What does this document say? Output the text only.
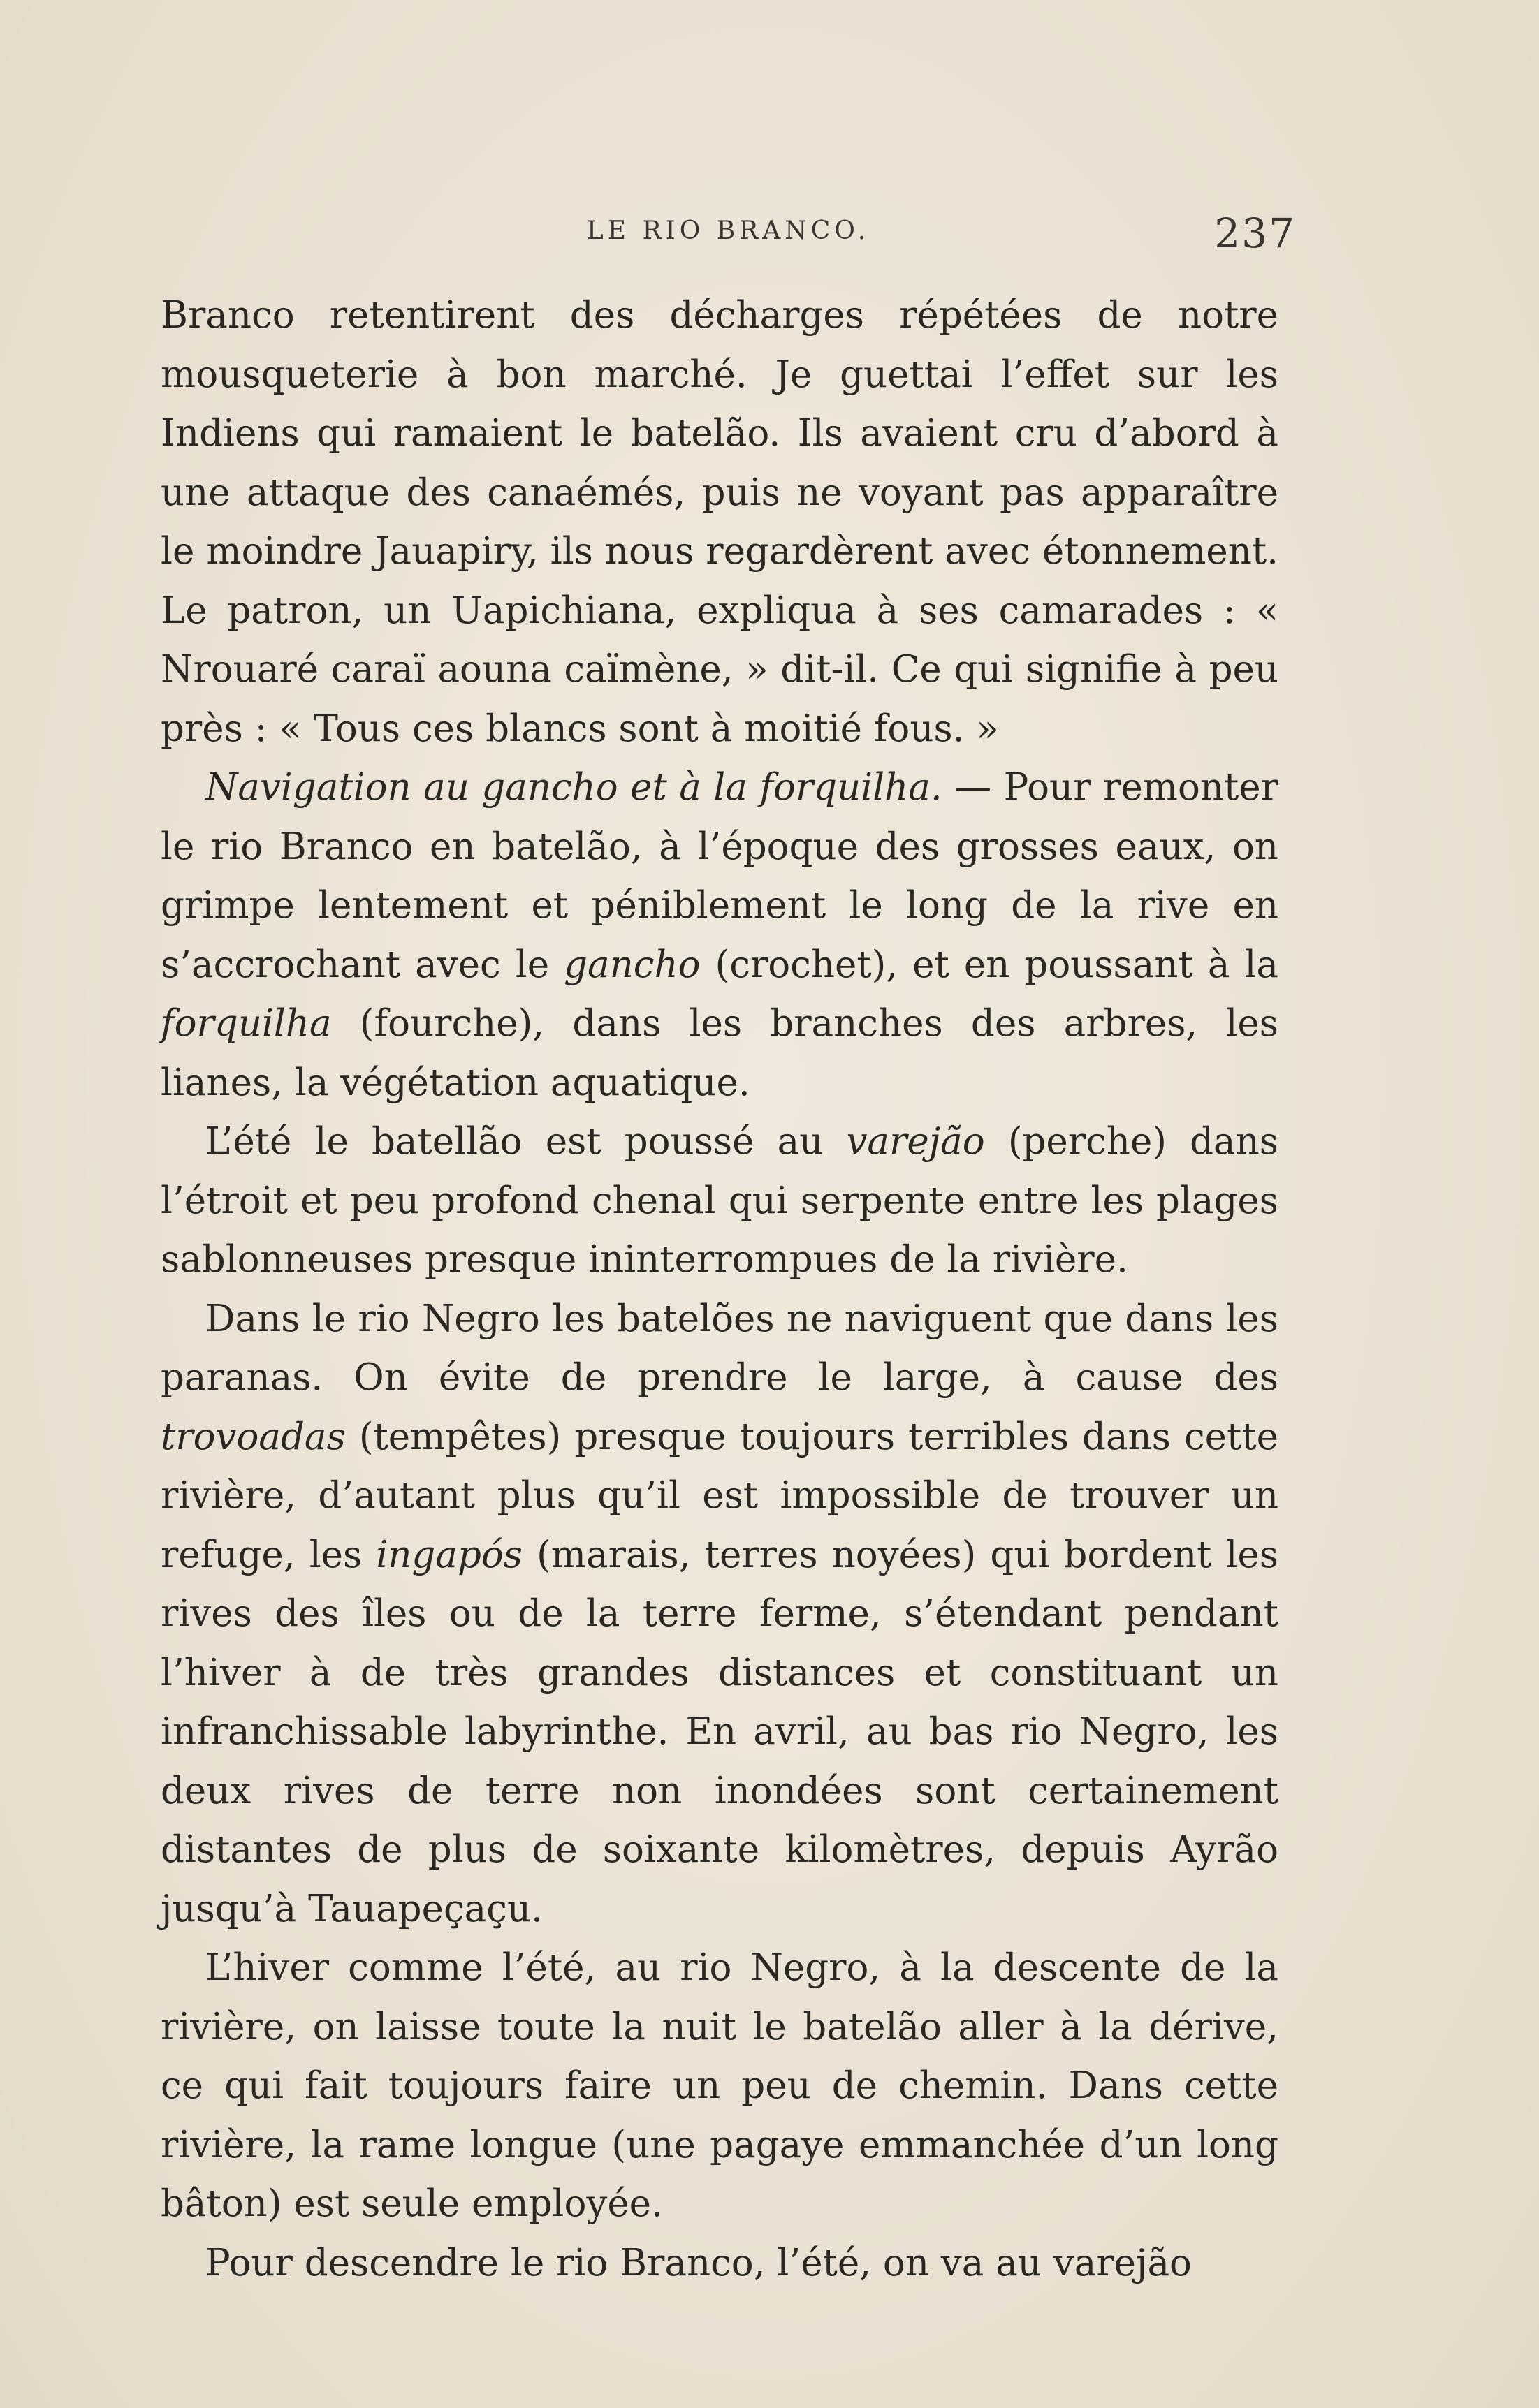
LE RIO BRANCO.	237

Branco retentirent des décharges répétées de notre mousqueterie à bon marché. Je guettai l’effet sur les Indiens qui ramaient le batelão. Ils avaient cru d’abord à une attaque des canaémés, puis ne voyant pas apparaître le moindre Jauapiry, ils nous regardèrent avec étonnement. Le patron, un Uapichiana, expliqua à ses camarades : « Nrouaré caraï aouna caïmène, » dit-il. Ce qui signifie à peu près : « Tous ces blancs sont à moitié fous. »

Navigation au gancho et à la forquilha. — Pour remonter le rio Branco en batelão, à l’époque des grosses eaux, on grimpe lentement et péniblement le long de la rive en s’accrochant avec le gancho (crochet), et en poussant à la forquilha (fourche), dans les branches des arbres, les lianes, la végétation aquatique.

L’été le batellão est poussé au varejão (perche) dans l’étroit et peu profond chenal qui serpente entre les plages sablonneuses presque ininterrompues de la rivière.

Dans le rio Negro les batelões ne naviguent que dans les paranas. On évite de prendre le large, à cause des trovoadas (tempêtes) presque toujours terribles dans cette rivière, d’autant plus qu’il est impossible de trouver un refuge, les ingapós (marais, terres noyées) qui bordent les rives des îles ou de la terre ferme, s’étendant pendant l’hiver à de très grandes distances et constituant un infranchissable labyrinthe. En avril, au bas rio Negro, les deux rives de terre non inondées sont certainement distantes de plus de soixante kilomètres, depuis Ayrão jusqu’à Tauapeçaçu.

L’hiver comme l’été, au rio Negro, à la descente de la rivière, on laisse toute la nuit le batelão aller à la dérive, ce qui fait toujours faire un peu de chemin. Dans cette rivière, la rame longue (une pagaye emmanchée d’un long bâton) est seule employée.

Pour descendre le rio Branco, l’été, on va au varejão
